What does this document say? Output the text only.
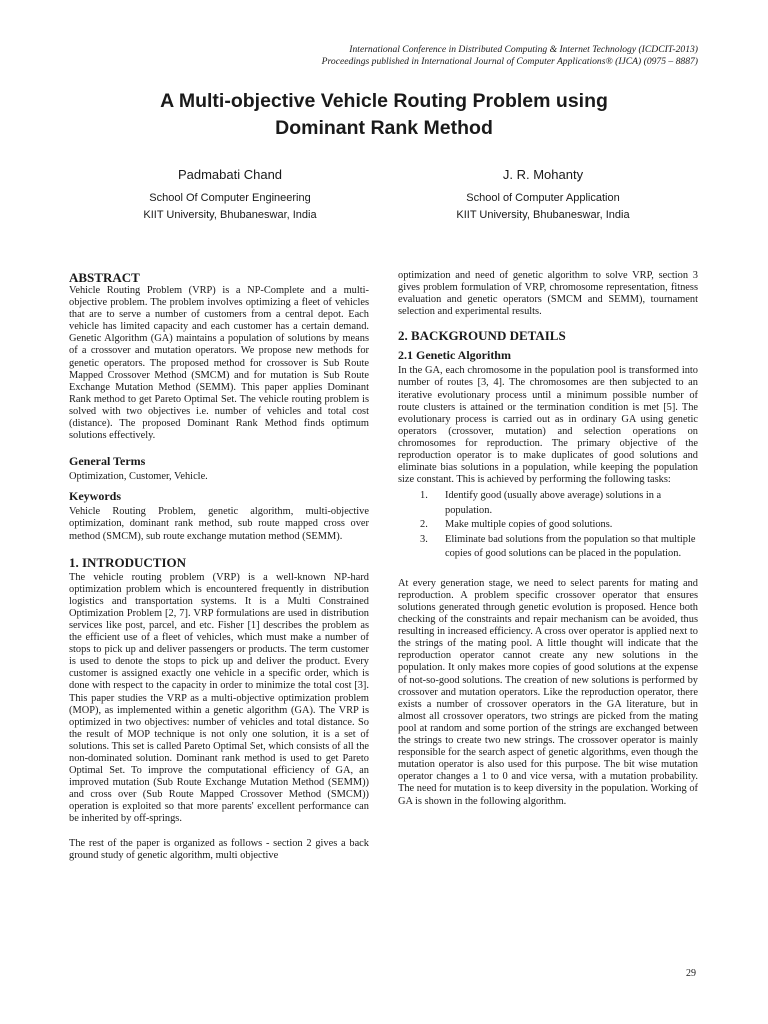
International Conference in Distributed Computing & Internet Technology (ICDCIT-2013)
Proceedings published in International Journal of Computer Applications® (IJCA) (0975 – 8887)
A Multi-objective Vehicle Routing Problem using
Dominant Rank Method
Padmabati Chand
School Of Computer Engineering
KIIT University, Bhubaneswar, India
J. R. Mohanty
School of Computer Application
KIIT University, Bhubaneswar, India
ABSTRACT

Vehicle Routing Problem (VRP) is a NP-Complete and a multi-objective problem. The problem involves optimizing a fleet of vehicles that are to serve a number of customers from a central depot. Each vehicle has limited capacity and each customer has a certain demand. Genetic Algorithm (GA) maintains a population of solutions by means of a crossover and mutation operators. We propose new methods for genetic operators. The proposed method for crossover is Sub Route Mapped Crossover Method (SMCM) and for mutation is Sub Route Exchange Mutation Method (SEMM). This paper applies Dominant Rank method to get Pareto Optimal Set. The vehicle routing problem is solved with two objectives i.e. number of vehicles and total cost (distance). The proposed Dominant Rank Method finds optimum solutions effectively.

General Terms

Optimization, Customer, Vehicle.

Keywords

Vehicle Routing Problem, genetic algorithm, multi-objective optimization, dominant rank method, sub route mapped cross over method (SMCM), sub route exchange mutation method (SEMM).

1. INTRODUCTION

The vehicle routing problem (VRP) is a well-known NP-hard optimization problem which is encountered frequently in distribution logistics and transportation systems. It is a Multi Constrained Optimization Problem [2, 7]. VRP formulations are used in distribution services like post, parcel, and etc. Fisher [1] describes the problem as the efficient use of a fleet of vehicles, which must make a number of stops to pick up and deliver passengers or products. The term customer is used to denote the stops to pick up and deliver the product. Every customer is assigned exactly one vehicle in a specific order, which is done with respect to the capacity in order to minimize the total cost [3]. This paper studies the VRP as a multi-objective optimization problem (MOP), as implemented within a genetic algorithm (GA). The VRP is optimized in two objectives: number of vehicles and total distance. So the result of MOP technique is not only one solution, it is a set of solutions. This set is called Pareto Optimal Set, which consists of all the non-dominated solution. Dominant rank method is used to get Pareto Optimal Set. To improve the computational efficiency of GA, an improved mutation (Sub Route Exchange Mutation Method (SEMM)) and cross over (Sub Route Mapped Crossover Method (SMCM)) operation is exploited so that more parents' excellent performance can be inherited by off-springs.

The rest of the paper is organized as follows - section 2 gives a back ground study of genetic algorithm, multi objective

optimization and need of genetic algorithm to solve VRP, section 3 gives problem formulation of VRP, chromosome representation, fitness evaluation and genetic operators (SMCM and SEMM), tournament selection and experimental results.

2. BACKGROUND DETAILS
2.1 Genetic Algorithm

In the GA, each chromosome in the population pool is transformed into number of routes [3, 4]. The chromosomes are then subjected to an iterative evolutionary process until a minimum possible number of route clusters is attained or the termination condition is met [5]. The evolutionary process is carried out as in ordinary GA using genetic operators (crossover, mutation) and selection operations on chromosomes for reproduction. The primary objective of the reproduction operator is to make duplicates of good solutions and eliminate bias solutions in a population, while keeping the population size constant. This is achieved by performing the following tasks:

1. Identify good (usually above average) solutions in a population.
2. Make multiple copies of good solutions.
3. Eliminate bad solutions from the population so that multiple copies of good solutions can be placed in the population.

At every generation stage, we need to select parents for mating and reproduction. A problem specific crossover operator that ensures solutions generated through genetic evolution is proposed. Hence both checking of the constraints and repair mechanism can be avoided, thus resulting in increased efficiency. A cross over operator is applied next to the strings of the mating pool. A little thought will indicate that the reproduction operator cannot create any new solutions in the population. It only makes more copies of good solutions at the expense of not-so-good solutions. The creation of new solutions is performed by crossover and mutation operators. Like the reproduction operator, there exists a number of crossover operators in the GA literature, but in almost all crossover operators, two strings are picked from the mating pool at random and some portion of the strings are exchanged between the strings to create two new strings. The crossover operator is mainly responsible for the search aspect of genetic algorithms, even though the mutation operator is also used for this purpose. The bit wise mutation operator changes a 1 to 0 and vice versa, with a mutation probability. The need for mutation is to keep diversity in the population. Working of GA is shown in the following algorithm.

29
